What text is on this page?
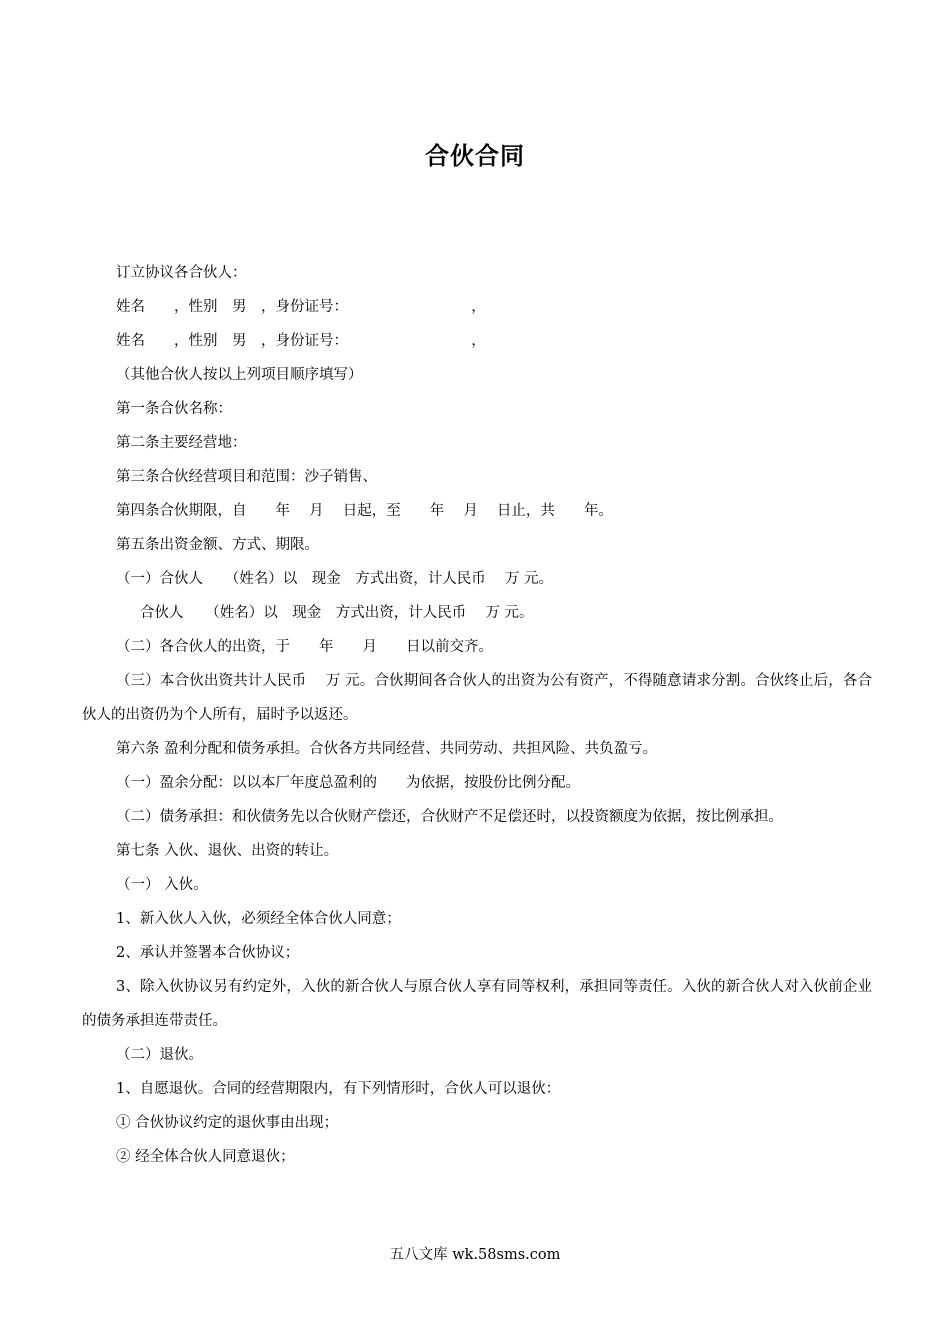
合伙合同

订立协议各合伙人：

姓名　　，性别　男　，身份证号：　　　　　　　　　，

姓名　　，性别　男　，身份证号：　　　　　　　　　，

（其他合伙人按以上列项目顺序填写）

第一条合伙名称：

第二条主要经营地：

第三条合伙经营项目和范围：沙子销售、

第四条合伙期限，自　　年　 月　 日起，至　　年　 月　 日止，共　　年。

第五条出资金额、方式、期限。

（一）合伙人　　（姓名）以　现金　方式出资，计人民币　 万 元。

合伙人　　（姓名）以　现金　方式出资，计人民币　 万 元。

（二）各合伙人的出资，于　　年　　月　　日以前交齐。

（三）本合伙出资共计人民币　 万 元。合伙期间各合伙人的出资为公有资产，不得随意请求分割。合伙终止后，各合伙人的出资仍为个人所有，届时予以返还。

第六条 盈利分配和债务承担。合伙各方共同经营、共同劳动、共担风险、共负盈亏。

（一）盈余分配：以以本厂年度总盈利的　　为依据，按股份比例分配。

（二）债务承担：和伙债务先以合伙财产偿还，合伙财产不足偿还时，以投资额度为依据，按比例承担。

第七条 入伙、退伙、出资的转让。

（一） 入伙。

1、新入伙人入伙，必须经全体合伙人同意；

2、承认并签署本合伙协议；

3、除入伙协议另有约定外，入伙的新合伙人与原合伙人享有同等权利，承担同等责任。入伙的新合伙人对入伙前企业的债务承担连带责任。

（二）退伙。

1、自愿退伙。合同的经营期限内，有下列情形时，合伙人可以退伙：

① 合伙协议约定的退伙事由出现；

② 经全体合伙人同意退伙；

五八文库 wk.58sms.com
